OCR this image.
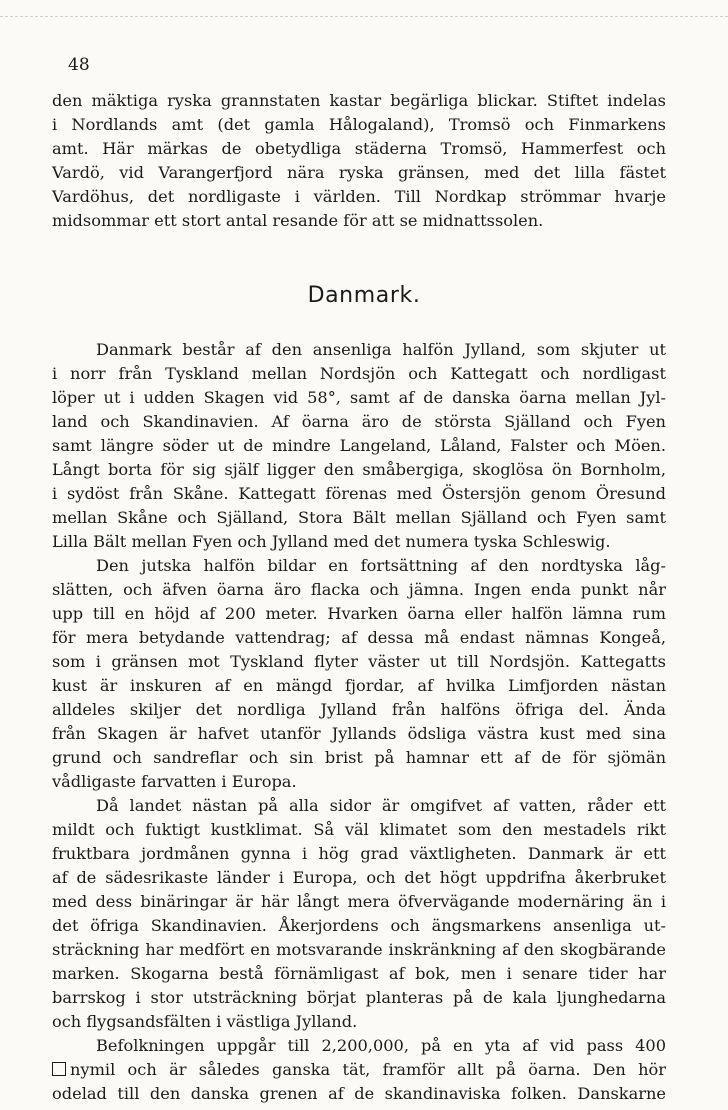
48
den mäktiga ryska grannstaten kastar begärliga blickar. Stiftet indelas
i Nordlands amt (det gamla Hålogaland), Tromsö och Finmarkens
amt. Här märkas de obetydliga städerna Tromsö, Hammerfest och
Vardö, vid Varangerfjord nära ryska gränsen, med det lilla fästet
Vardöhus, det nordligaste i världen. Till Nordkap strömmar hvarje
midsommar ett stort antal resande för att se midnattssolen.
Danmark.
Danmark består af den ansenliga halfön Jylland, som skjuter ut
i norr från Tyskland mellan Nordsjön och Kattegatt och nordligast
löper ut i udden Skagen vid 58°, samt af de danska öarna mellan Jyl-
land och Skandinavien. Af öarna äro de största Själland och Fyen
samt längre söder ut de mindre Langeland, Låland, Falster och Möen.
Långt borta för sig själf ligger den småbergiga, skoglösa ön Bornholm,
i sydöst från Skåne. Kattegatt förenas med Östersjön genom Öresund
mellan Skåne och Själland, Stora Bält mellan Själland och Fyen samt
Lilla Bält mellan Fyen och Jylland med det numera tyska Schleswig.
Den jutska halfön bildar en fortsättning af den nordtyska låg-
slätten, och äfven öarna äro flacka och jämna. Ingen enda punkt når
upp till en höjd af 200 meter. Hvarken öarna eller halfön lämna rum
för mera betydande vattendrag; af dessa må endast nämnas Kongeå,
som i gränsen mot Tyskland flyter väster ut till Nordsjön. Kattegatts
kust är inskuren af en mängd fjordar, af hvilka Limfjorden nästan
alldeles skiljer det nordliga Jylland från halföns öfriga del. Ända
från Skagen är hafvet utanför Jyllands ödsliga västra kust med sina
grund och sandreflar och sin brist på hamnar ett af de för sjömän
vådligaste farvatten i Europa.
Då landet nästan på alla sidor är omgifvet af vatten, råder ett
mildt och fuktigt kustklimat. Så väl klimatet som den mestadels rikt
fruktbara jordmånen gynna i hög grad växtligheten. Danmark är ett
af de sädesrikaste länder i Europa, och det högt uppdrifna åkerbruket
med dess binäringar är här långt mera öfvervägande modernäring än i
det öfriga Skandinavien. Åkerjordens och ängsmarkens ansenliga ut-
sträckning har medfört en motsvarande inskränkning af den skogbärande
marken. Skogarna bestå förnämligast af bok, men i senare tider har
barrskog i stor utsträckning börjat planteras på de kala ljunghedarna
och flygsandsfälten i västliga Jylland.
Befolkningen uppgår till 2,200,000, på en yta af vid pass 400
nymil och är således ganska tät, framför allt på öarna. Den hör
odelad till den danska grenen af de skandinaviska folken. Danskarne
